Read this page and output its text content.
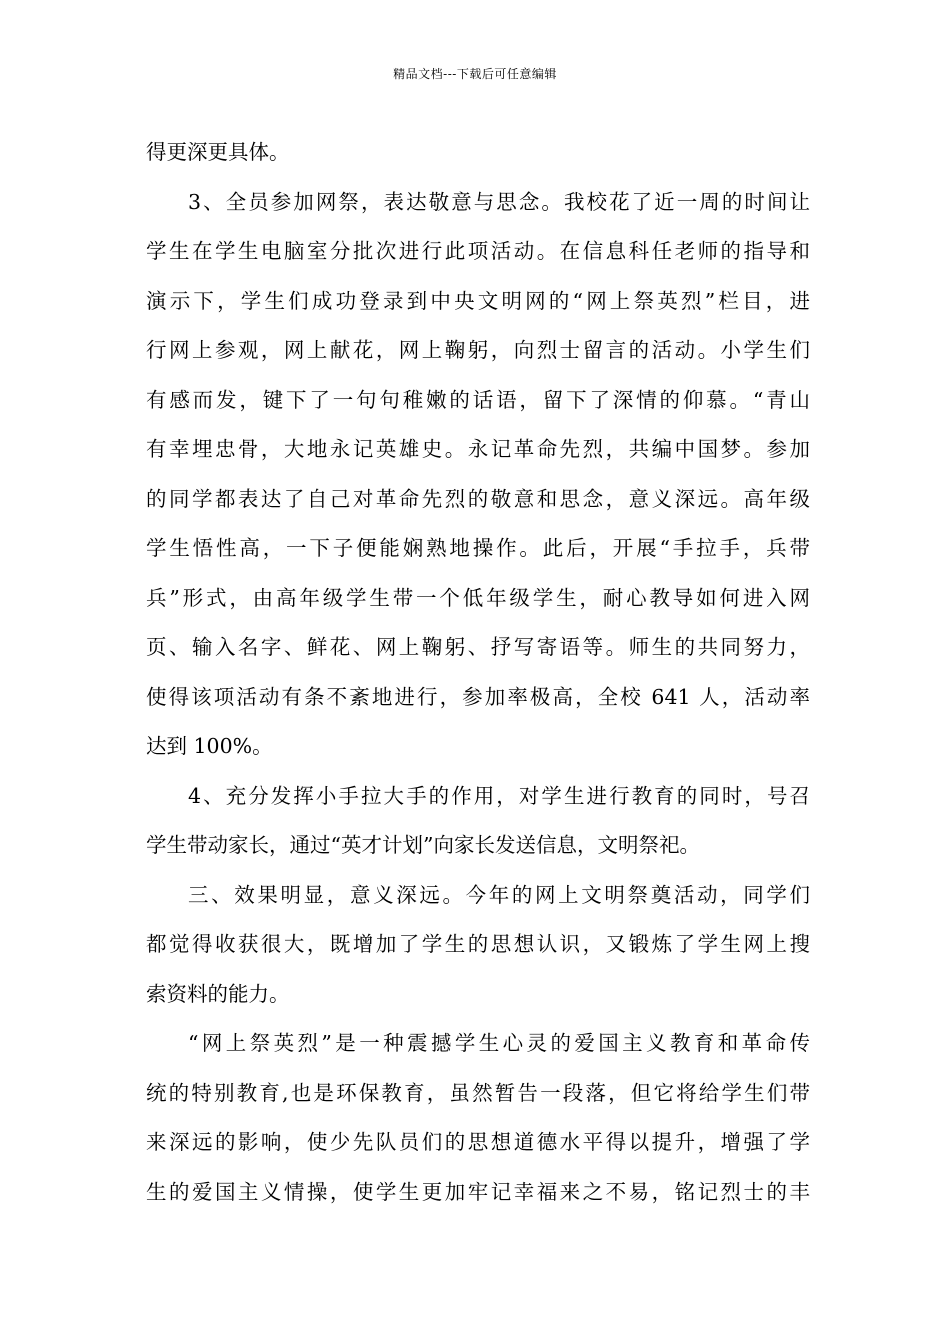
精品文档---下载后可任意编辑
得更深更具体。
3、全员参加网祭，表达敬意与思念。我校花了近一周的时间让
学生在学生电脑室分批次进行此项活动。在信息科任老师的指导和
演示下，学生们成功登录到中央文明网的“网上祭英烈”栏目，进
行网上参观，网上献花，网上鞠躬，向烈士留言的活动。小学生们
有感而发，键下了一句句稚嫩的话语，留下了深情的仰慕。“青山
有幸埋忠骨，大地永记英雄史。永记革命先烈，共编中国梦。参加
的同学都表达了自己对革命先烈的敬意和思念，意义深远。高年级
学生悟性高，一下子便能娴熟地操作。此后，开展“手拉手，兵带
兵”形式，由高年级学生带一个低年级学生，耐心教导如何进入网
页、输入名字、鲜花、网上鞠躬、抒写寄语等。师生的共同努力，
使得该项活动有条不紊地进行，参加率极高，全校 641 人，活动率
达到 100%。
4、充分发挥小手拉大手的作用，对学生进行教育的同时，号召
学生带动家长，通过“英才计划”向家长发送信息，文明祭祀。
三、效果明显，意义深远。今年的网上文明祭奠活动，同学们
都觉得收获很大，既增加了学生的思想认识，又锻炼了学生网上搜
索资料的能力。
“网上祭英烈”是一种震撼学生心灵的爱国主义教育和革命传
统的特别教育,也是环保教育，虽然暂告一段落，但它将给学生们带
来深远的影响，使少先队员们的思想道德水平得以提升，增强了学
生的爱国主义情操，使学生更加牢记幸福来之不易，铭记烈士的丰
